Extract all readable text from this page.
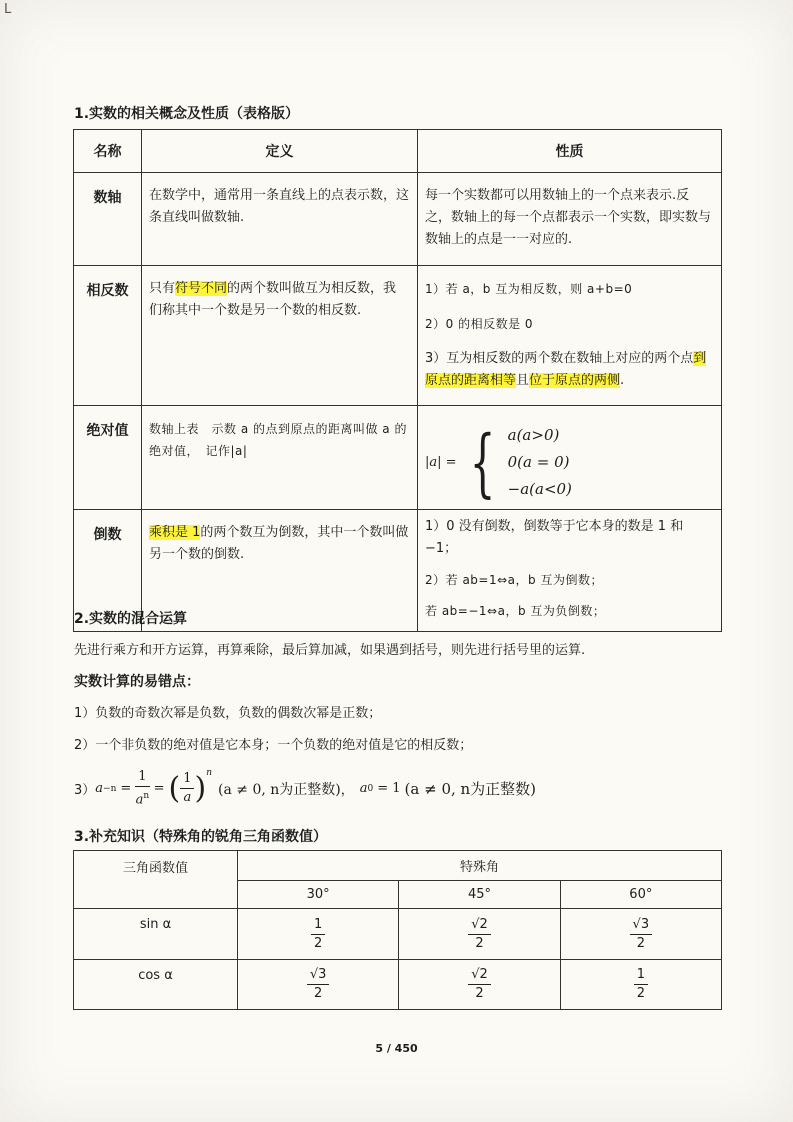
L
1.实数的相关概念及性质（表格版）
名称	定义	性质
数轴	在数学中，通常用一条直线上的点表示数，这条直线叫做数轴.	每一个实数都可以用数轴上的一个点来表示.反之，数轴上的每一个点都表示一个实数，即实数与数轴上的点是一一对应的.
相反数	只有符号不同的两个数叫做互为相反数，我们称其中一个数是另一个数的相反数.	1）若 a，b 互为相反数，则 a+b=0
2）0 的相反数是 0
3）互为相反数的两个数在数轴上对应的两个点到原点的距离相等且位于原点的两侧.

绝对值	数轴上表　示数 a 的点到原点的距离叫做 a 的绝对值，　记作|a|	|a| = { a(a>0)
0(a = 0)
−a(a<0)

倒数	乘积是 1的两个数互为倒数，其中一个数叫做另一个数的倒数.	1）0 没有倒数，倒数等于它本身的数是 1 和−1；
2）若 ab=1⇔a，b 互为倒数；
若 ab=−1⇔a，b 互为负倒数；
2.实数的混合运算
先进行乘方和开方运算，再算乘除，最后算加减，如果遇到括号，则先进行括号里的运算.
实数计算的易错点：
1）负数的奇数次幂是负数，负数的偶数次幂是正数；
2）一个非负数的绝对值是它本身；一个负数的绝对值是它的相反数；
3） $a -n = \frac{1}{a^n}$ = ( $\frac{1}{a} )^n$
(a ≠ 0, n为正整数) ， a 0 = 1 (a ≠ 0, n为正整数)
3.补充知识（特殊角的锐角三角函数值）
三角函数值	特殊角		
	30°	45°	60°
sin α	$\frac{1}{2}$	$\frac{√2}{2}$	$\frac{√3}{2}$

cos α	$\frac{√3}{2}$	$\frac{√2}{2}$	$\frac{1}{2}$
5 / 450
